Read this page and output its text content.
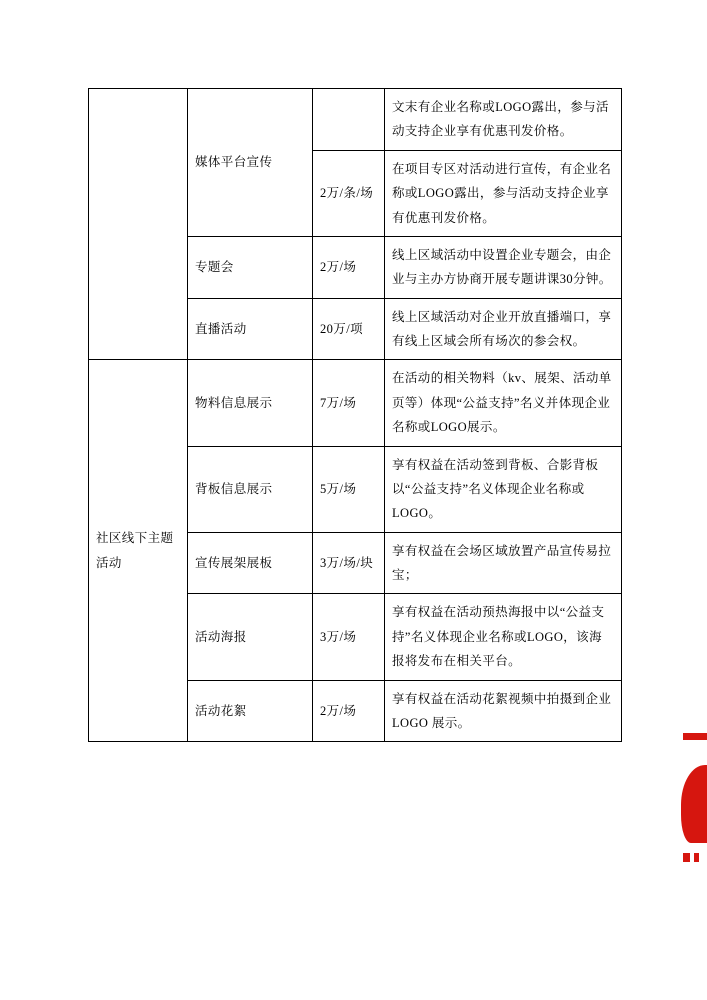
	媒体平台宣传		文末有企业名称或LOGO露出，参与活动支持企业享有优惠刊发价格。
		2万/条/场	在项目专区对活动进行宣传，有企业名称或LOGO露出，参与活动支持企业享有优惠刊发价格。
	专题会	2万/场	线上区域活动中设置企业专题会，由企业与主办方协商开展专题讲课30分钟。
	直播活动	20万/项	线上区域活动对企业开放直播端口，享有线上区域会所有场次的参会权。
社区线下主题活动	物料信息展示	7万/场	在活动的相关物料（kv、展架、活动单页等）体现“公益支持”名义并体现企业名称或LOGO展示。
	背板信息展示	5万/场	享有权益在活动签到背板、合影背板以“公益支持”名义体现企业名称或LOGO。
	宣传展架展板	3万/场/块	享有权益在会场区域放置产品宣传易拉宝；
	活动海报	3万/场	享有权益在活动预热海报中以“公益支持”名义体现企业名称或LOGO，该海报将发布在相关平台。
	活动花絮	2万/场	享有权益在活动花絮视频中拍摄到企业 LOGO 展示。
